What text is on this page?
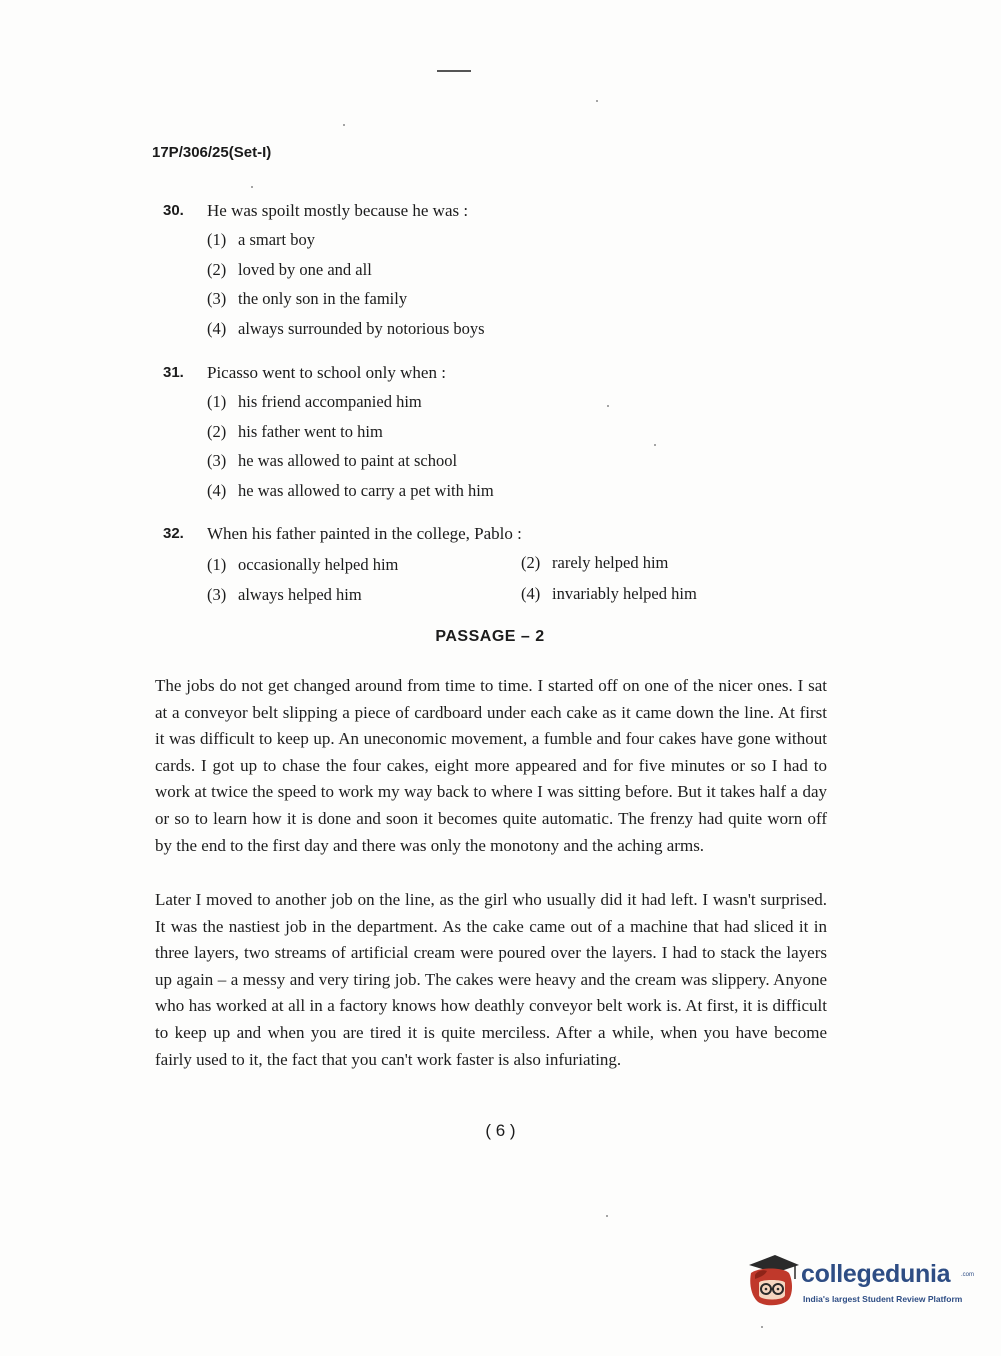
17P/306/25(Set-I)
30. He was spoilt mostly because he was :
(1) a smart boy
(2) loved by one and all
(3) the only son in the family
(4) always surrounded by notorious boys
31. Picasso went to school only when :
(1) his friend accompanied him
(2) his father went to him
(3) he was allowed to paint at school
(4) he was allowed to carry a pet with him
32. When his father painted in the college, Pablo :
(1) occasionally helped him	(2) rarely helped him
(3) always helped him	(4) invariably helped him
PASSAGE – 2

The jobs do not get changed around from time to time. I started off on one of the nicer ones. I sat at a conveyor belt slipping a piece of cardboard under each cake as it came down the line. At first it was difficult to keep up. An uneconomic movement, a fumble and four cakes have gone without cards. I got up to chase the four cakes, eight more appeared and for five minutes or so I had to work at twice the speed to work my way back to where I was sitting before. But it takes half a day or so to learn how it is done and soon it becomes quite automatic. The frenzy had quite worn off by the end to the first day and there was only the monotony and the aching arms.

Later I moved to another job on the line, as the girl who usually did it had left. I wasn't surprised. It was the nastiest job in the department. As the cake came out of a machine that had sliced it in three layers, two streams of artificial cream were poured over the layers. I had to stack the layers up again – a messy and very tiring job. The cakes were heavy and the cream was slippery. Anyone who has worked at all in a factory knows how deathly conveyor belt work is. At first, it is difficult to keep up and when you are tired it is quite merciless. After a while, when you have become fairly used to it, the fact that you can't work faster is also infuriating.

( 6 )
collegedunia .com
India's largest Student Review Platform
